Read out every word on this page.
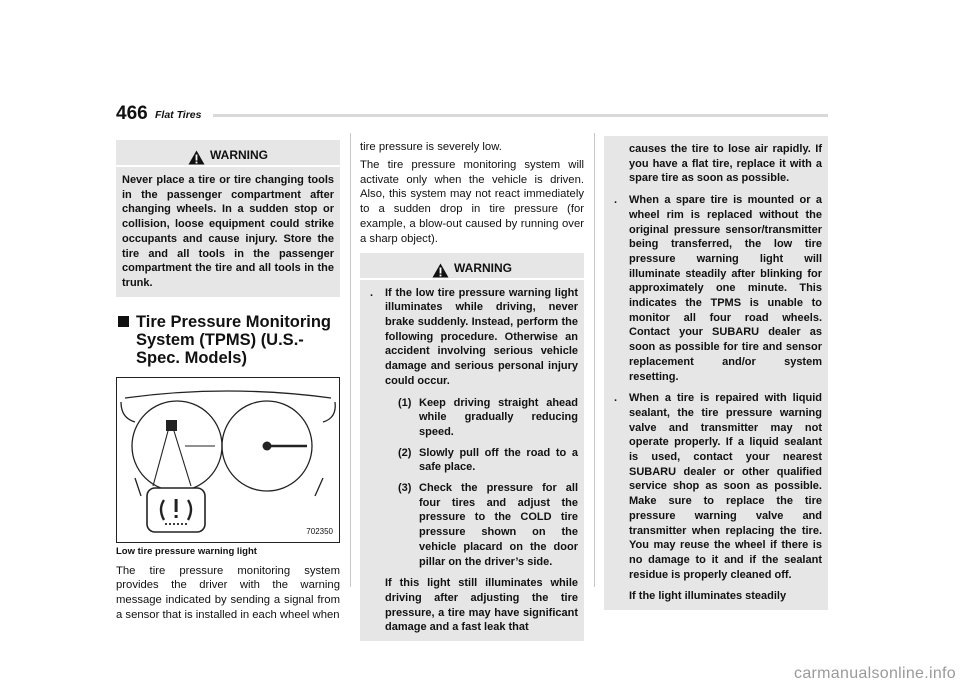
466 Flat Tires
WARNING
Never place a tire or tire changing tools in the passenger compartment after changing wheels. In a sudden stop or collision, loose equipment could strike occupants and cause injury. Store the tire and all tools in the passenger compartment the tire and all tools in the trunk.
Tire Pressure Monitoring System (TPMS) (U.S.-Spec. Models)
702350
Low tire pressure warning light
The tire pressure monitoring system provides the driver with the warning message indicated by sending a signal from a sensor that is installed in each wheel when

tire pressure is severely low.

The tire pressure monitoring system will activate only when the vehicle is driven. Also, this system may not react immediately to a sudden drop in tire pressure (for example, a blow-out caused by running over a sharp object).

WARNING
. If the low tire pressure warning light illuminates while driving, never brake suddenly. Instead, perform the following procedure. Otherwise an accident involving serious vehicle damage and serious personal injury could occur.
(1) Keep driving straight ahead while gradually reducing speed.
(2) Slowly pull off the road to a safe place.
(3) Check the pressure for all four tires and adjust the pressure to the COLD tire pressure shown on the vehicle placard on the door pillar on the driver’s side.
If this light still illuminates while driving after adjusting the tire pressure, a tire may have significant damage and a fast leak that
causes the tire to lose air rapidly. If you have a flat tire, replace it with a spare tire as soon as possible.
. When a spare tire is mounted or a wheel rim is replaced without the original pressure sensor/transmitter being transferred, the low tire pressure warning light will illuminate steadily after blinking for approximately one minute. This indicates the TPMS is unable to monitor all four road wheels. Contact your SUBARU dealer as soon as possible for tire and sensor replacement and/or system resetting.
. When a tire is repaired with liquid sealant, the tire pressure warning valve and transmitter may not operate properly. If a liquid sealant is used, contact your nearest SUBARU dealer or other qualified service shop as soon as possible. Make sure to replace the tire pressure warning valve and transmitter when replacing the tire. You may reuse the wheel if there is no damage to it and if the sealant residue is properly cleaned off.
If the light illuminates steadily
carmanualsonline.info
